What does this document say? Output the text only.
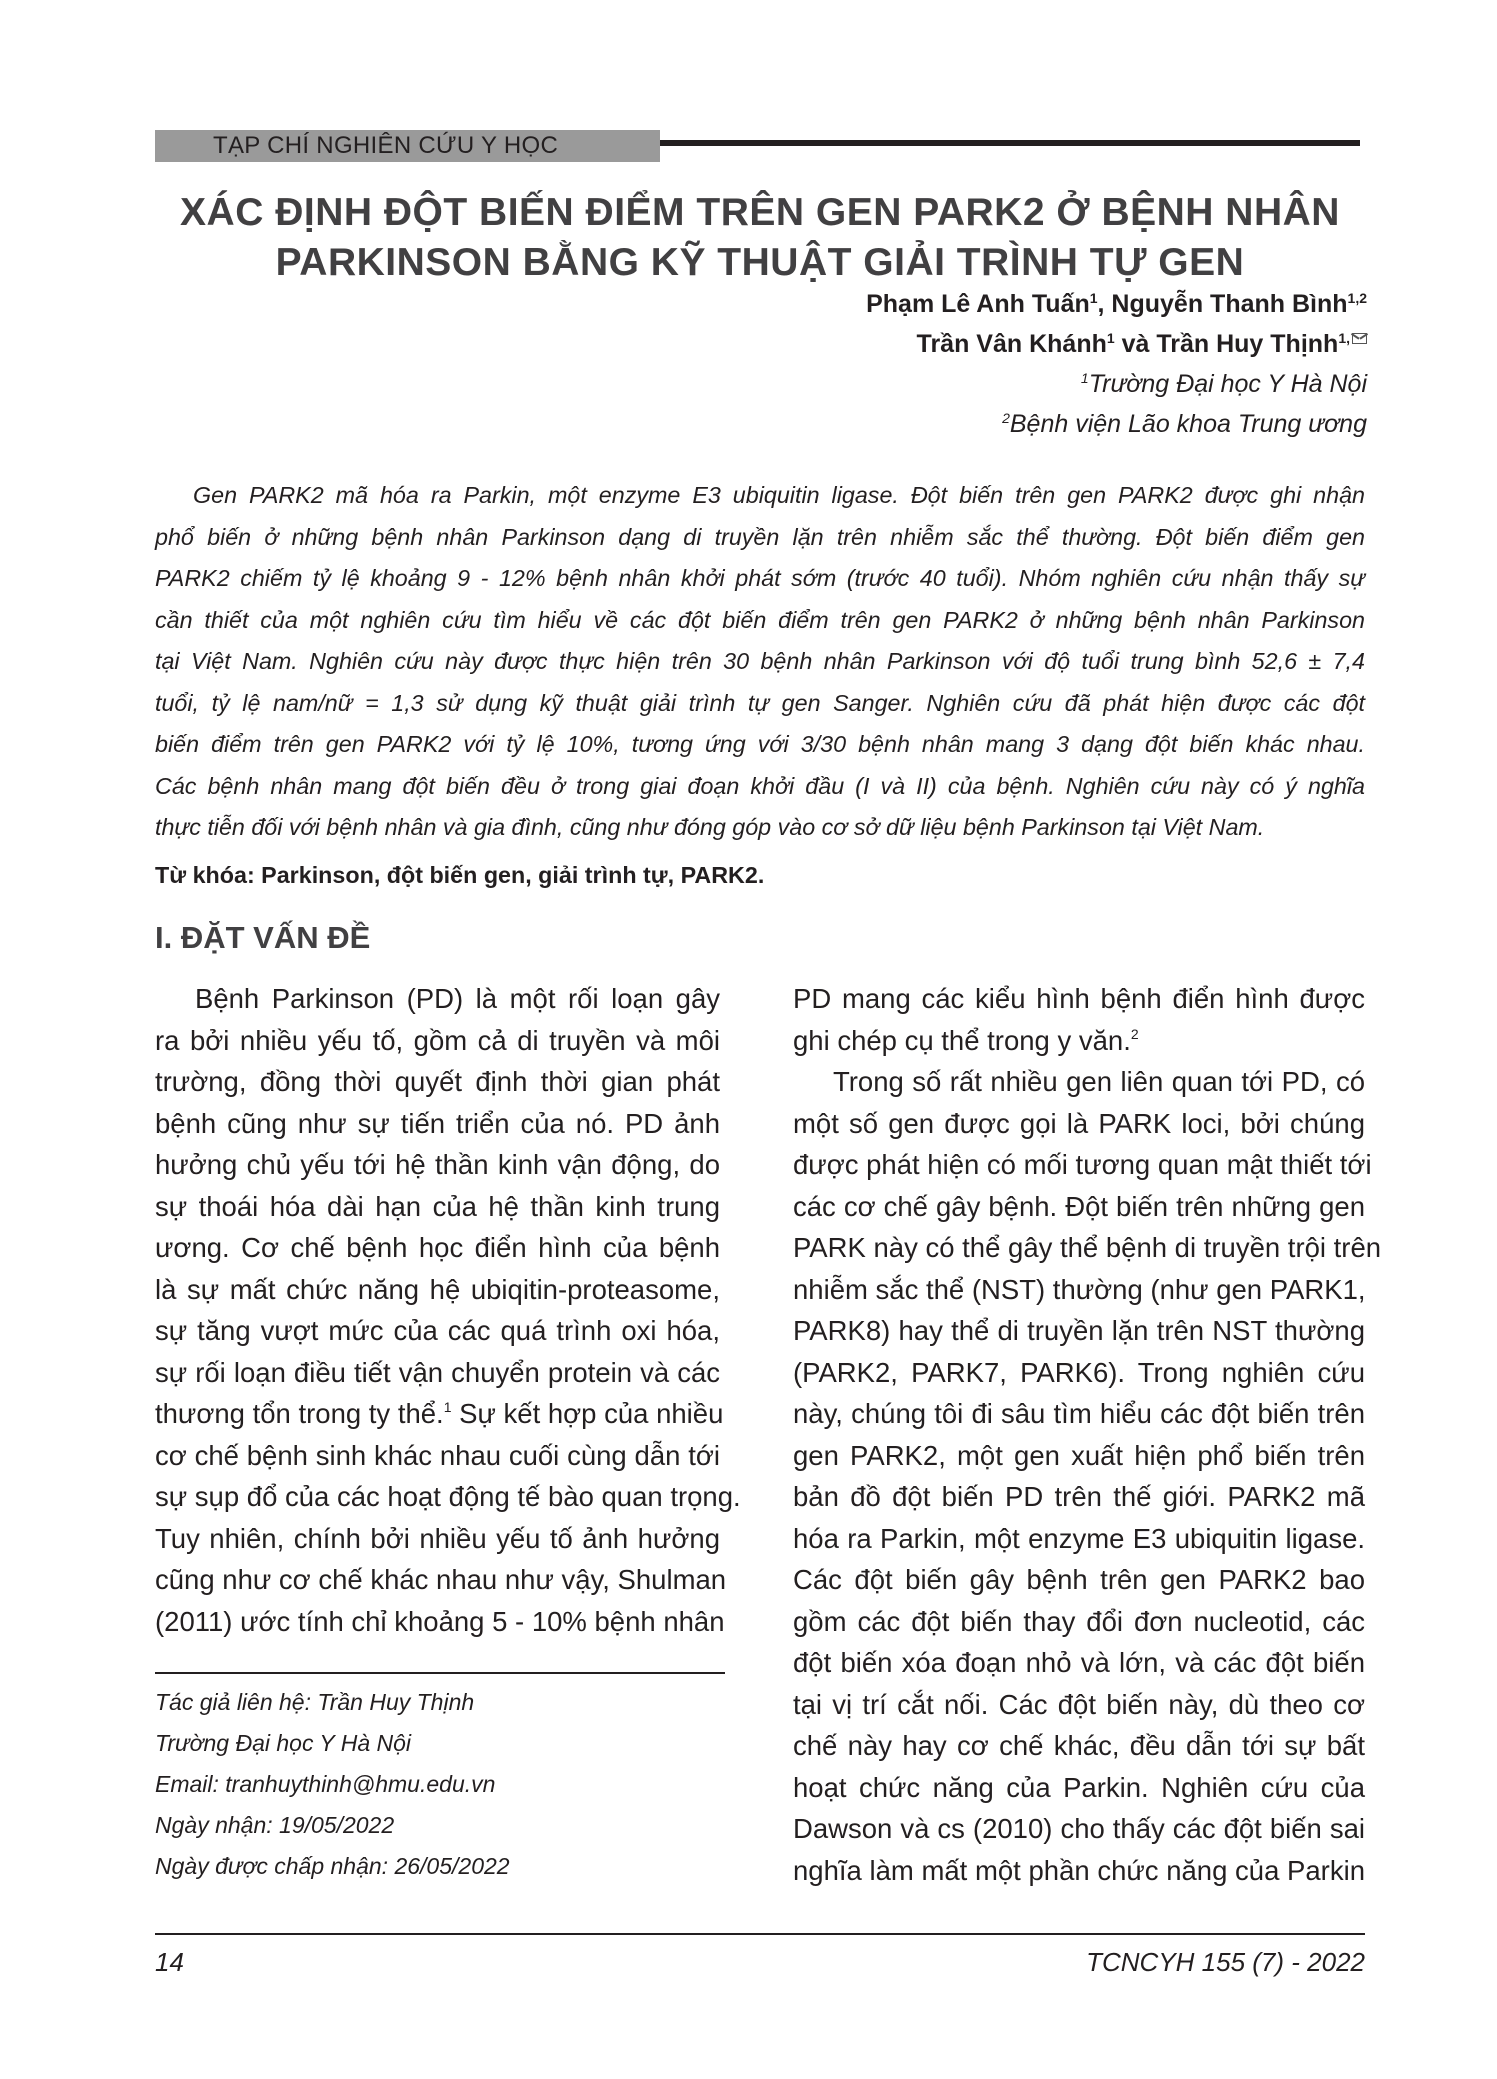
TẠP CHÍ NGHIÊN CỨU Y HỌC
XÁC ĐỊNH ĐỘT BIẾN ĐIỂM TRÊN GEN PARK2 Ở BỆNH NHÂN
PARKINSON BẰNG KỸ THUẬT GIẢI TRÌNH TỰ GEN
Phạm Lê Anh Tuấn$^1$, Nguyễn Thanh Bình$^{1,2}$
Trần Vân Khánh$^1$ và Trần Huy Thịnh$^{1,}$
$^1$Trường Đại học Y Hà Nội
$^2$Bệnh viện Lão khoa Trung ương
Gen PARK2 mã hóa ra Parkin, một enzyme E3 ubiquitin ligase. Đột biến trên gen PARK2 được ghi nhận
phổ biến ở những bệnh nhân Parkinson dạng di truyền lặn trên nhiễm sắc thể thường. Đột biến điểm gen
PARK2 chiếm tỷ lệ khoảng 9 - 12% bệnh nhân khởi phát sớm (trước 40 tuổi). Nhóm nghiên cứu nhận thấy sự
cần thiết của một nghiên cứu tìm hiểu về các đột biến điểm trên gen PARK2 ở những bệnh nhân Parkinson
tại Việt Nam. Nghiên cứu này được thực hiện trên 30 bệnh nhân Parkinson với độ tuổi trung bình 52,6 ± 7,4
tuổi, tỷ lệ nam/nữ = 1,3 sử dụng kỹ thuật giải trình tự gen Sanger. Nghiên cứu đã phát hiện được các đột
biến điểm trên gen PARK2 với tỷ lệ 10%, tương ứng với 3/30 bệnh nhân mang 3 dạng đột biến khác nhau.
Các bệnh nhân mang đột biến đều ở trong giai đoạn khởi đầu (I và II) của bệnh. Nghiên cứu này có ý nghĩa
thực tiễn đối với bệnh nhân và gia đình, cũng như đóng góp vào cơ sở dữ liệu bệnh Parkinson tại Việt Nam.
Từ khóa: Parkinson, đột biến gen, giải trình tự, PARK2.
I. ĐẶT VẤN ĐỀ
Bệnh Parkinson (PD) là một rối loạn gây
ra bởi nhiều yếu tố, gồm cả di truyền và môi
trường, đồng thời quyết định thời gian phát
bệnh cũng như sự tiến triển của nó. PD ảnh
hưởng chủ yếu tới hệ thần kinh vận động, do
sự thoái hóa dài hạn của hệ thần kinh trung
ương. Cơ chế bệnh học điển hình của bệnh
là sự mất chức năng hệ ubiqitin-proteasome,
sự tăng vượt mức của các quá trình oxi hóa,
sự rối loạn điều tiết vận chuyển protein và các
thương tổn trong ty thể.$^1$ Sự kết hợp của nhiều
cơ chế bệnh sinh khác nhau cuối cùng dẫn tới
sự sụp đổ của các hoạt động tế bào quan trọng.
Tuy nhiên, chính bởi nhiều yếu tố ảnh hưởng
cũng như cơ chế khác nhau như vậy, Shulman
(2011) ước tính chỉ khoảng 5 - 10% bệnh nhân
PD mang các kiểu hình bệnh điển hình được
ghi chép cụ thể trong y văn.$^2$
Trong số rất nhiều gen liên quan tới PD, có
một số gen được gọi là PARK loci, bởi chúng
được phát hiện có mối tương quan mật thiết tới
các cơ chế gây bệnh. Đột biến trên những gen
PARK này có thể gây thể bệnh di truyền trội trên
nhiễm sắc thể (NST) thường (như gen PARK1,
PARK8) hay thể di truyền lặn trên NST thường
(PARK2, PARK7, PARK6). Trong nghiên cứu
này, chúng tôi đi sâu tìm hiểu các đột biến trên
gen PARK2, một gen xuất hiện phổ biến trên
bản đồ đột biến PD trên thế giới. PARK2 mã
hóa ra Parkin, một enzyme E3 ubiquitin ligase.
Các đột biến gây bệnh trên gen PARK2 bao
gồm các đột biến thay đổi đơn nucleotid, các
đột biến xóa đoạn nhỏ và lớn, và các đột biến
tại vị trí cắt nối. Các đột biến này, dù theo cơ
chế này hay cơ chế khác, đều dẫn tới sự bất
hoạt chức năng của Parkin. Nghiên cứu của
Dawson và cs (2010) cho thấy các đột biến sai
nghĩa làm mất một phần chức năng của Parkin
Tác giả liên hệ: Trần Huy Thịnh
Trường Đại học Y Hà Nội
Email: tranhuythinh@hmu.edu.vn
Ngày nhận: 19/05/2022
Ngày được chấp nhận: 26/05/2022
14	TCNCYH 155 (7) - 2022
